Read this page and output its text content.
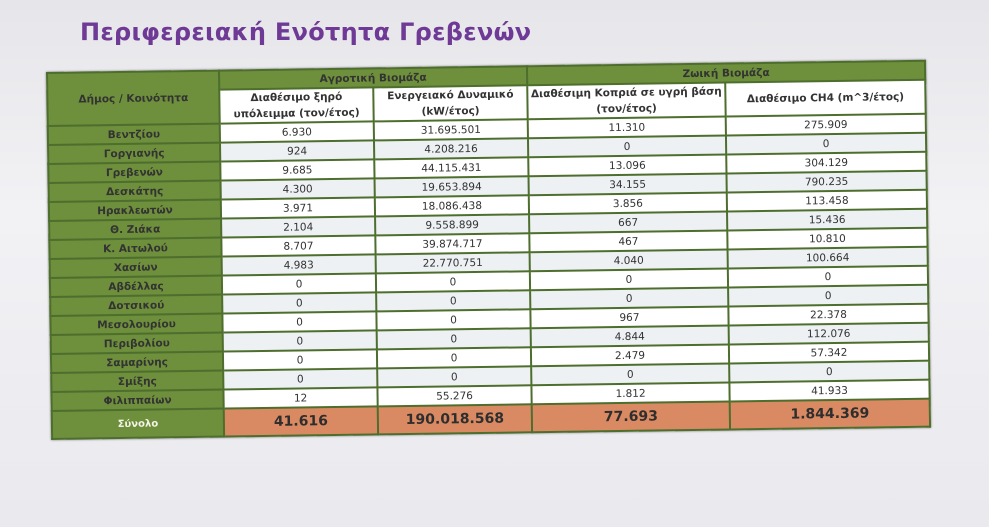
Περιφερειακή Ενότητα Γρεβενών
Δήμος / Κοινότητα	Αγροτική Βιομάζα		Ζωική Βιομάζα	
	Διαθέσιμο ξηρό υπόλειμμα (τον/έτος)	Ενεργειακό Δυναμικό (kW/έτος)	Διαθέσιμη Κοπριά σε υγρή βάση (τον/έτος)	Διαθέσιμο CH4 (m^3/έτος)
Βεντζίου	6.930	31.695.501	11.310	275.909
Γοργιανής	924	4.208.216	0	0
Γρεβενών	9.685	44.115.431	13.096	304.129
Δεσκάτης	4.300	19.653.894	34.155	790.235
Ηρακλεωτών	3.971	18.086.438	3.856	113.458
Θ. Ζιάκα	2.104	9.558.899	667	15.436
Κ. Αιτωλού	8.707	39.874.717	467	10.810
Χασίων	4.983	22.770.751	4.040	100.664
Αβδέλλας	0	0	0	0
Δοτσικού	0	0	0	0
Μεσολουρίου	0	0	967	22.378
Περιβολίου	0	0	4.844	112.076
Σαμαρίνης	0	0	2.479	57.342
Σμίξης	0	0	0	0
Φιλιππαίων	12	55.276	1.812	41.933
Σύνολο	41.616	190.018.568	77.693	1.844.369
